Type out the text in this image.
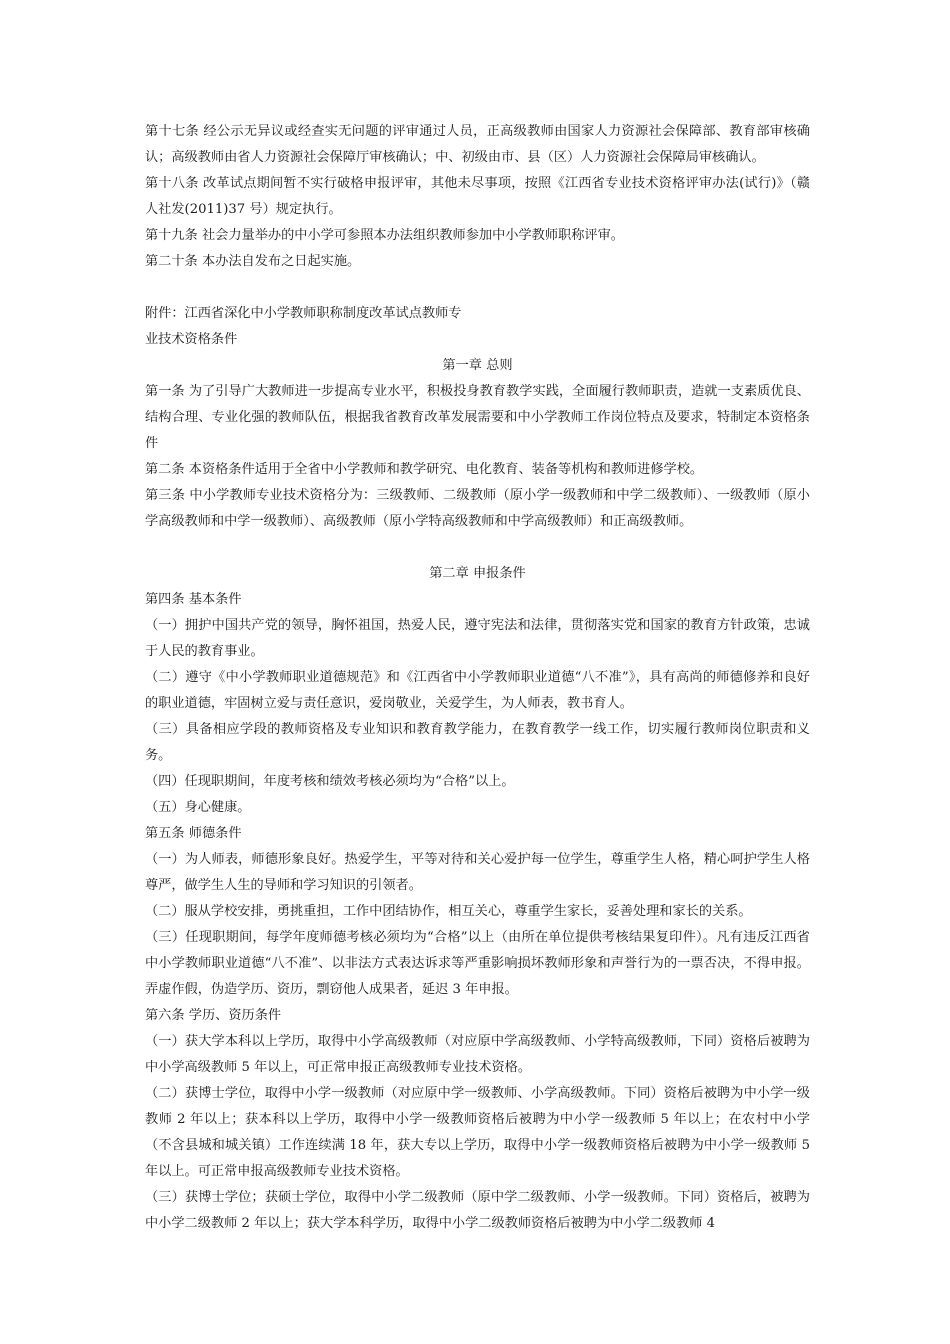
第十七条 经公示无异议或经查实无问题的评审通过人员，正高级教师由国家人力资源社会保障部、教育部审核确认；高级教师由省人力资源社会保障厅审核确认；中、初级由市、县（区）人力资源社会保障局审核确认。

第十八条 改革试点期间暂不实行破格申报评审，其他未尽事项，按照《江西省专业技术资格评审办法(试行)》（赣人社发(2011)37 号）规定执行。

第十九条 社会力量举办的中小学可参照本办法组织教师参加中小学教师职称评审。

第二十条 本办法自发布之日起实施。

附件：江西省深化中小学教师职称制度改革试点教师专

业技术资格条件

第一章 总则

第一条 为了引导广大教师进一步提高专业水平，积极投身教育教学实践，全面履行教师职责，造就一支素质优良、结构合理、专业化强的教师队伍，根据我省教育改革发展需要和中小学教师工作岗位特点及要求，特制定本资格条件

第二条 本资格条件适用于全省中小学教师和教学研究、电化教育、装备等机构和教师进修学校。

第三条 中小学教师专业技术资格分为：三级教师、二级教师（原小学一级教师和中学二级教师）、一级教师（原小学高级教师和中学一级教师）、高级教师（原小学特高级教师和中学高级教师）和正高级教师。

第二章 申报条件

第四条 基本条件

（一）拥护中国共产党的领导，胸怀祖国，热爱人民，遵守宪法和法律，贯彻落实党和国家的教育方针政策，忠诚于人民的教育事业。

（二）遵守《中小学教师职业道德规范》和《江西省中小学教师职业道德“八不准”》，具有高尚的师德修养和良好的职业道德，牢固树立爱与责任意识，爱岗敬业，关爱学生，为人师表，教书育人。

（三）具备相应学段的教师资格及专业知识和教育教学能力，在教育教学一线工作，切实履行教师岗位职责和义务。

（四）任现职期间，年度考核和绩效考核必须均为“合格”以上。

（五）身心健康。

第五条 师德条件

（一）为人师表，师德形象良好。热爱学生，平等对待和关心爱护每一位学生，尊重学生人格，精心呵护学生人格尊严，做学生人生的导师和学习知识的引领者。

（二）服从学校安排，勇挑重担，工作中团结协作，相互关心，尊重学生家长，妥善处理和家长的关系。

（三）任现职期间，每学年度师德考核必须均为“合格”以上（由所在单位提供考核结果复印件）。凡有违反江西省中小学教师职业道德“八不准”、以非法方式表达诉求等严重影响损坏教师形象和声誉行为的一票否决，不得申报。弄虚作假，伪造学历、资历，剽窃他人成果者，延迟 3 年申报。

第六条 学历、资历条件

（一）获大学本科以上学历，取得中小学高级教师（对应原中学高级教师、小学特高级教师，下同）资格后被聘为中小学高级教师 5 年以上，可正常申报正高级教师专业技术资格。

（二）获博士学位，取得中小学一级教师（对应原中学一级教师、小学高级教师。下同）资格后被聘为中小学一级教师 2 年以上；获本科以上学历，取得中小学一级教师资格后被聘为中小学一级教师 5 年以上；在农村中小学（不含县城和城关镇）工作连续满 18 年，获大专以上学历，取得中小学一级教师资格后被聘为中小学一级教师 5 年以上。可正常申报高级教师专业技术资格。

（三）获博士学位；获硕士学位，取得中小学二级教师（原中学二级教师、小学一级教师。下同）资格后，被聘为中小学二级教师 2 年以上；获大学本科学历，取得中小学二级教师资格后被聘为中小学二级教师 4
